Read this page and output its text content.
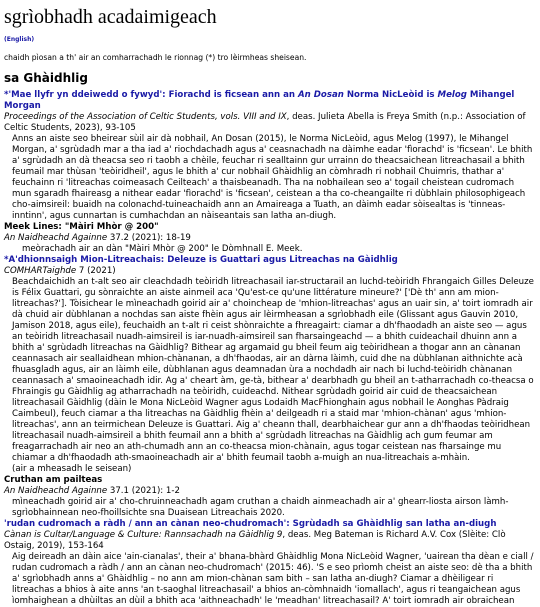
sgrìobhadh acadaimigeach
(English)

chaidh pìosan a th' air an comharrachadh le rionnag (*) tro lèirmheas sheisean.

sa Ghàidhlig
*'Mae llyfr yn ddeiwedd o fywyd': Fiorachd is ficsean ann an An Dosan Norma NicLeòid is Melog Mihangel Morgan
Proceedings of the Association of Celtic Students, vols. VIII and IX, deas. Julieta Abella is Freya Smith (n.p.: Association of Celtic Students, 2023), 93-105
Anns an aiste seo bheirear sùil air dà nobhail, An Dosan (2015), le Norma NicLeòid, agus Melog (1997), le Mihangel Morgan, a' sgrùdadh mar a tha iad a' riochdachadh agus a' ceasnachadh na dàimhe eadar 'fìorachd' is 'ficsean'. Le bhith a' sgrùdadh an dà theacsa seo ri taobh a chèile, feuchar ri sealltainn gur urrainn do theacsaichean litreachasail a bhith feumail mar thùsan 'teòiridheil', agus le bhith a' cur nobhail Ghàidhlig an còmhradh ri nobhail Chuimris, thathar a' feuchainn ri 'litreachas coimeasach Ceilteach' a thaisbeanadh. Tha na nobhailean seo a' togail cheistean cudromach mun sgaradh fhaireasg a nithear eadar 'fìorachd' is 'ficsean', ceistean a tha co-cheangailte ri dùbhlain philosophigeach cho-aimsireil: buaidh na colonachd-tuineachaidh ann an Amaireaga a Tuath, an dàimh eadar sòisealtas is 'tinneas-inntinn', agus cunnartan is cumhachdan an nàiseantais san latha an-diugh.
Meek Lines: "Màiri Mhòr @ 200"
An Naidheachd Againne 37.2 (2021): 18-19
meòrachadh air an dàn "Màiri Mhòr @ 200" le Dòmhnall E. Meek.
*A'dhionnsaigh Mion-Litreachais: Deleuze is Guattari agus Litreachas na Gàidhlig
COMHARTaighde 7 (2021)
Beachdaichidh an t-alt seo air cleachdadh teòiridh litreachasail iar-structarail an luchd-teòiridh Fhrangaich Gilles Deleuze is Félix Guattari, gu sònraichte an aiste ainmeil aca 'Qu'est-ce qu'une littérature mineure?' ['Dè th' ann am mion-litreachas?']. Tòisichear le mìneachadh goirid air a' choincheap de 'mhion-litreachas' agus an uair sin, a' toirt iomradh air dà chuid air dùbhlanan a nochdas san aiste fhèin agus air lèirmheasan a sgrìobhadh eile (Glissant agus Gauvin 2010, Jamison 2018, agus eile), feuchaidh an t-alt ri ceist shònraichte a fhreagairt: ciamar a dh'fhaodadh an aiste seo — agus an teòiridh litreachasail nuadh-aimsireil is iar-nuadh-aimsireil san fharsaingeachd — a bhith cuideachail dhuinn ann a bhith a' sgrùdadh litreachas na Gàidhlig? Bithear ag argamaid gu bheil feum aig teòiridhean a thogar ann an cànanan ceannasach air seallaidhean mhion-chànanan, a dh'fhaodas, air an dàrna làimh, cuid dhe na dùbhlanan aithnichte acà fhuasgladh agus, air an làimh eile, dùbhlanan agus deamnadan ùra a nochdadh air nach bi luchd-teòiridh chànanan ceannasach a' smaoineachadh idir. Ag a' cheart àm, ge-tà, bithear a' dearbhadh gu bheil an t-atharrachadh co-theacsa o Fhraingis gu Gàidhlig ag atharrachadh na teòiridh, cuideachd. Nithear sgrùdadh goirid air cuid de theacsaichean litreachasail Gàidhlig (dàin le Mona NicLeòid Wagner agus Lodaidh MacFhionghain agus nobhail le Aonghas Pàdraig Caimbeul), feuch ciamar a tha litreachas na Gàidhlig fhèin a' deilgeadh ri a staid mar 'mhion-chànan' agus 'mhion-litreachas', ann an teirmichean Deleuze is Guattari. Aig a' cheann thall, dearbhaichear gur ann a dh'fhaodas teòiridhean litreachasail nuadh-aimsireil a bhith feumail ann a bhith a' sgrùdadh litreachas na Gàidhlig ach gum feumar am freagarrachadh air neo an ath-chumadh ann an co-theacsa mion-chànain, agus togar ceistean nas fharsainge mu chiamar a dh'fhaodadh ath-smaoineachadh air a' bhith feumail taobh a-muigh an nua-litreachais a-mhàin.
(air a mheasadh le seisean)
Cruthan am pailteas
An Naidheachd Againne 37.1 (2021): 1-2
mìneachadh goirid air a' cho-chruinneachadh agam cruthan a chaidh ainmeachadh air a' ghearr-liosta airson làmh-sgrìobhainnean neo-fhoillsichte sna Duaisean Litreachais 2020.
'rudan cudromach a ràdh / ann an cànan neo-chudromach': Sgrùdadh sa Ghàidhlig san latha an-diugh
Cànan is Cultar/Language & Culture: Rannsachadh na Gàidhlig 9, deas. Meg Bateman is Richard A.V. Cox (Slèite: Clò Ostaig, 2019), 153-164
Aig deireadh an dàin aice 'ain-cianalas', their a' bhana-bhàrd Ghàidhlig Mona NicLeòid Wagner, 'uairean tha dèan e ciall / rudan cudromach a ràdh / ann an cànan neo-chudromach' (2015: 46). 'S e seo prìomh cheist an aiste seo: dè tha a bhith a' sgrìobhadh anns a' Ghàidhlig – no ann am mion-chànan sam bith – san latha an-diugh? Ciamar a dhèiligear ri litreachas a bhios à aite anns 'an t-saoghal litreachasail' a bhios an-còmhnaidh 'iomallach', agus ri teangaichean agus ìomhaighean a dhùiltas an dùil a bhith aca 'aithneachadh' le 'meadhan' litreachasail? A' toirt iomradh air obraichean
